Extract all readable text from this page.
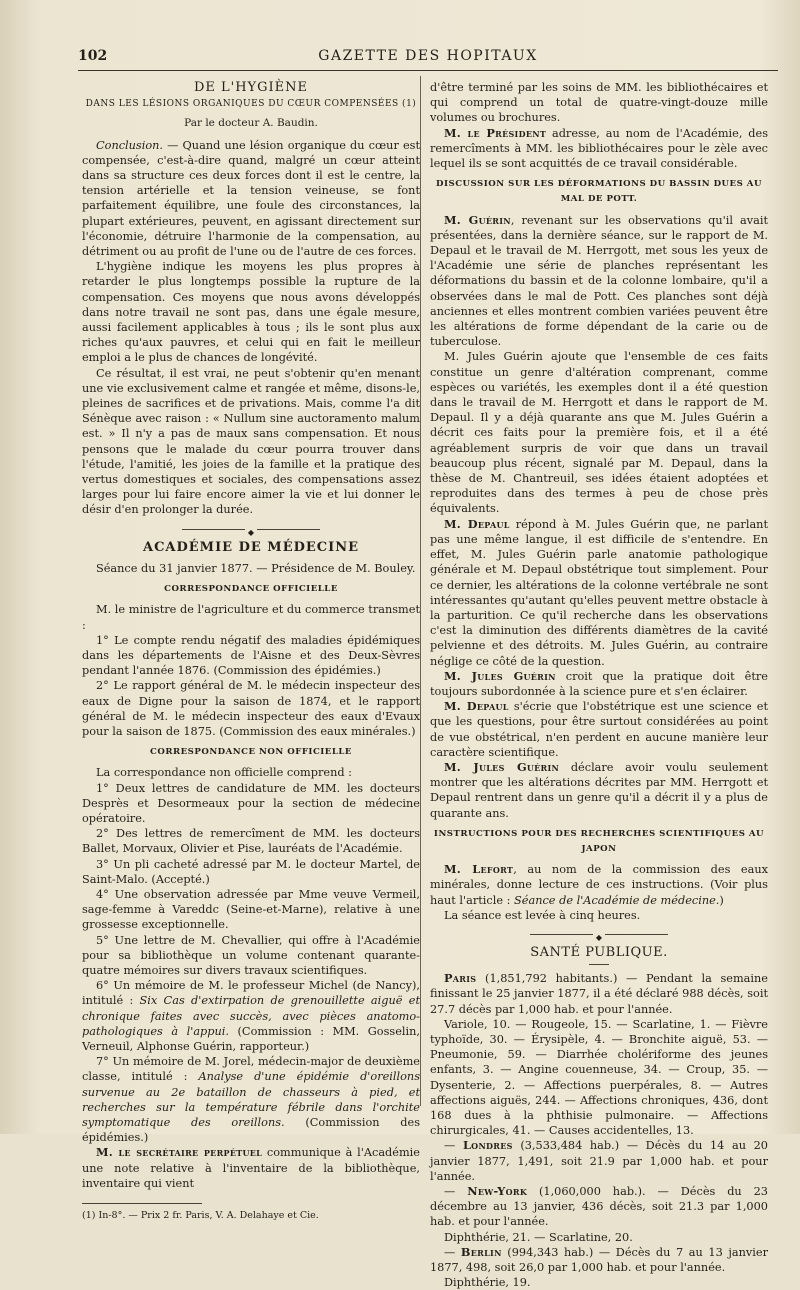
102	GAZETTE DES HOPITAUX
DE L'HYGIÈNE
DANS LES LÉSIONS ORGANIQUES DU CŒUR COMPENSÉES (1)
Par le docteur A. Baudin.

Conclusion. — Quand une lésion organique du cœur est compensée, c'est-à-dire quand, malgré un cœur atteint dans sa structure ces deux forces dont il est le centre, la tension artérielle et la tension veineuse, se font parfaitement équilibre, une foule des circonstances, la plupart extérieures, peuvent, en agissant directement sur l'économie, détruire l'harmonie de la compensation, au détriment ou au profit de l'une ou de l'autre de ces forces.

L'hygiène indique les moyens les plus propres à retarder le plus longtemps possible la rupture de la compensation. Ces moyens que nous avons développés dans notre travail ne sont pas, dans une égale mesure, aussi facilement applicables à tous ; ils le sont plus aux riches qu'aux pauvres, et celui qui en fait le meilleur emploi a le plus de chances de longévité.

Ce résultat, il est vrai, ne peut s'obtenir qu'en menant une vie exclusivement calme et rangée et même, disons-le, pleines de sacrifices et de privations. Mais, comme l'a dit Sénèque avec raison : « Nullum sine auctoramento malum est. » Il n'y a pas de maux sans compensation. Et nous pensons que le malade du cœur pourra trouver dans l'étude, l'amitié, les joies de la famille et la pratique des vertus domestiques et sociales, des compensations assez larges pour lui faire encore aimer la vie et lui donner le désir d'en prolonger la durée.

◆
ACADÉMIE DE MÉDECINE

Séance du 31 janvier 1877. — Présidence de M. Bouley.

CORRESPONDANCE OFFICIELLE

M. le ministre de l'agriculture et du commerce transmet :

1° Le compte rendu négatif des maladies épidémiques dans les départements de l'Aisne et des Deux-Sèvres pendant l'année 1876. (Commission des épidémies.)

2° Le rapport général de M. le médecin inspecteur des eaux de Digne pour la saison de 1874, et le rapport général de M. le médecin inspecteur des eaux d'Evaux pour la saison de 1875. (Commission des eaux minérales.)

CORRESPONDANCE NON OFFICIELLE

La correspondance non officielle comprend :

1° Deux lettres de candidature de MM. les docteurs Desprès et Desormeaux pour la section de médecine opératoire.

2° Des lettres de remercîment de MM. les docteurs Ballet, Morvaux, Olivier et Pise, lauréats de l'Académie.

3° Un pli cacheté adressé par M. le docteur Martel, de Saint-Malo. (Accepté.)

4° Une observation adressée par Mme veuve Vermeil, sage-femme à Vareddc (Seine-et-Marne), relative à une grossesse exceptionnelle.

5° Une lettre de M. Chevallier, qui offre à l'Académie pour sa bibliothèque un volume contenant quarante-quatre mémoires sur divers travaux scientifiques.

6° Un mémoire de M. le professeur Michel (de Nancy), intitulé : Six Cas d'extirpation de grenouillette aiguë et chronique faites avec succès, avec pièces anatomo-pathologiques à l'appui. (Commission : MM. Gosselin, Verneuil, Alphonse Guérin, rapporteur.)

7° Un mémoire de M. Jorel, médecin-major de deuxième classe, intitulé : Analyse d'une épidémie d'oreillons survenue au 2e bataillon de chasseurs à pied, et recherches sur la température fébrile dans l'orchite symptomatique des oreillons. (Commission des épidémies.)

M. le secrétaire perpétuel communique à l'Académie une note relative à l'inventaire de la bibliothèque, inventaire qui vient

(1) In-8°. — Prix 2 fr. Paris, V. A. Delahaye et Cie.

d'être terminé par les soins de MM. les bibliothécaires et qui comprend un total de quatre-vingt-douze mille volumes ou brochures.

M. le Président adresse, au nom de l'Académie, des remercîments à MM. les bibliothécaires pour le zèle avec lequel ils se sont acquittés de ce travail considérable.

DISCUSSION SUR LES DÉFORMATIONS DU BASSIN DUES AU MAL DE POTT.

M. Guérin, revenant sur les observations qu'il avait présentées, dans la dernière séance, sur le rapport de M. Depaul et le travail de M. Herrgott, met sous les yeux de l'Académie une série de planches représentant les déformations du bassin et de la colonne lombaire, qu'il a observées dans le mal de Pott. Ces planches sont déjà anciennes et elles montrent combien variées peuvent être les altérations de forme dépendant de la carie ou de tuberculose.

M. Jules Guérin ajoute que l'ensemble de ces faits constitue un genre d'altération comprenant, comme espèces ou variétés, les exemples dont il a été question dans le travail de M. Herrgott et dans le rapport de M. Depaul. Il y a déjà quarante ans que M. Jules Guérin a décrit ces faits pour la première fois, et il a été agréablement surpris de voir que dans un travail beaucoup plus récent, signalé par M. Depaul, dans la thèse de M. Chantreuil, ses idées étaient adoptées et reproduites dans des termes à peu de chose près équivalents.

M. Depaul répond à M. Jules Guérin que, ne parlant pas une même langue, il est difficile de s'entendre. En effet, M. Jules Guérin parle anatomie pathologique générale et M. Depaul obstétrique tout simplement. Pour ce dernier, les altérations de la colonne vertébrale ne sont intéressantes qu'autant qu'elles peuvent mettre obstacle à la parturition. Ce qu'il recherche dans les observations c'est la diminution des différents diamètres de la cavité pelvienne et des détroits. M. Jules Guérin, au contraire néglige ce côté de la question.

M. Jules Guérin croit que la pratique doit être toujours subordonnée à la science pure et s'en éclairer.

M. Depaul s'écrie que l'obstétrique est une science et que les questions, pour être surtout considérées au point de vue obstétrical, n'en perdent en aucune manière leur caractère scientifique.

M. Jules Guérin déclare avoir voulu seulement montrer que les altérations décrites par MM. Herrgott et Depaul rentrent dans un genre qu'il a décrit il y a plus de quarante ans.

INSTRUCTIONS POUR DES RECHERCHES SCIENTIFIQUES AU JAPON

M. Lefort, au nom de la commission des eaux minérales, donne lecture de ces instructions. (Voir plus haut l'article : Séance de l'Académie de médecine.)

La séance est levée à cinq heures.

◆
SANTÉ PUBLIQUE.

Paris (1,851,792 habitants.) — Pendant la semaine finissant le 25 janvier 1877, il a été déclaré 988 décès, soit 27.7 décès par 1,000 hab. et pour l'année.

Variole, 10. — Rougeole, 15. — Scarlatine, 1. — Fièvre typhoïde, 30. — Érysipèle, 4. — Bronchite aiguë, 53. — Pneumonie, 59. — Diarrhée cholériforme des jeunes enfants, 3. — Angine couenneuse, 34. — Croup, 35. — Dysenterie, 2. — Affections puerpérales, 8. — Autres affections aiguës, 244. — Affections chroniques, 436, dont 168 dues à la phthisie pulmonaire. — Affections chirurgicales, 41. — Causes accidentelles, 13.

— Londres (3,533,484 hab.) — Décès du 14 au 20 janvier 1877, 1,491, soit 21.9 par 1,000 hab. et pour l'année.

— New-York (1,060,000 hab.). — Décès du 23 décembre au 13 janvier, 436 décès, soit 21.3 par 1,000 hab. et pour l'année.

Diphthérie, 21. — Scarlatine, 20.

— Berlin (994,343 hab.) — Décès du 7 au 13 janvier 1877, 498, soit 26,0 par 1,000 hab. et pour l'année.

Diphthérie, 19.
